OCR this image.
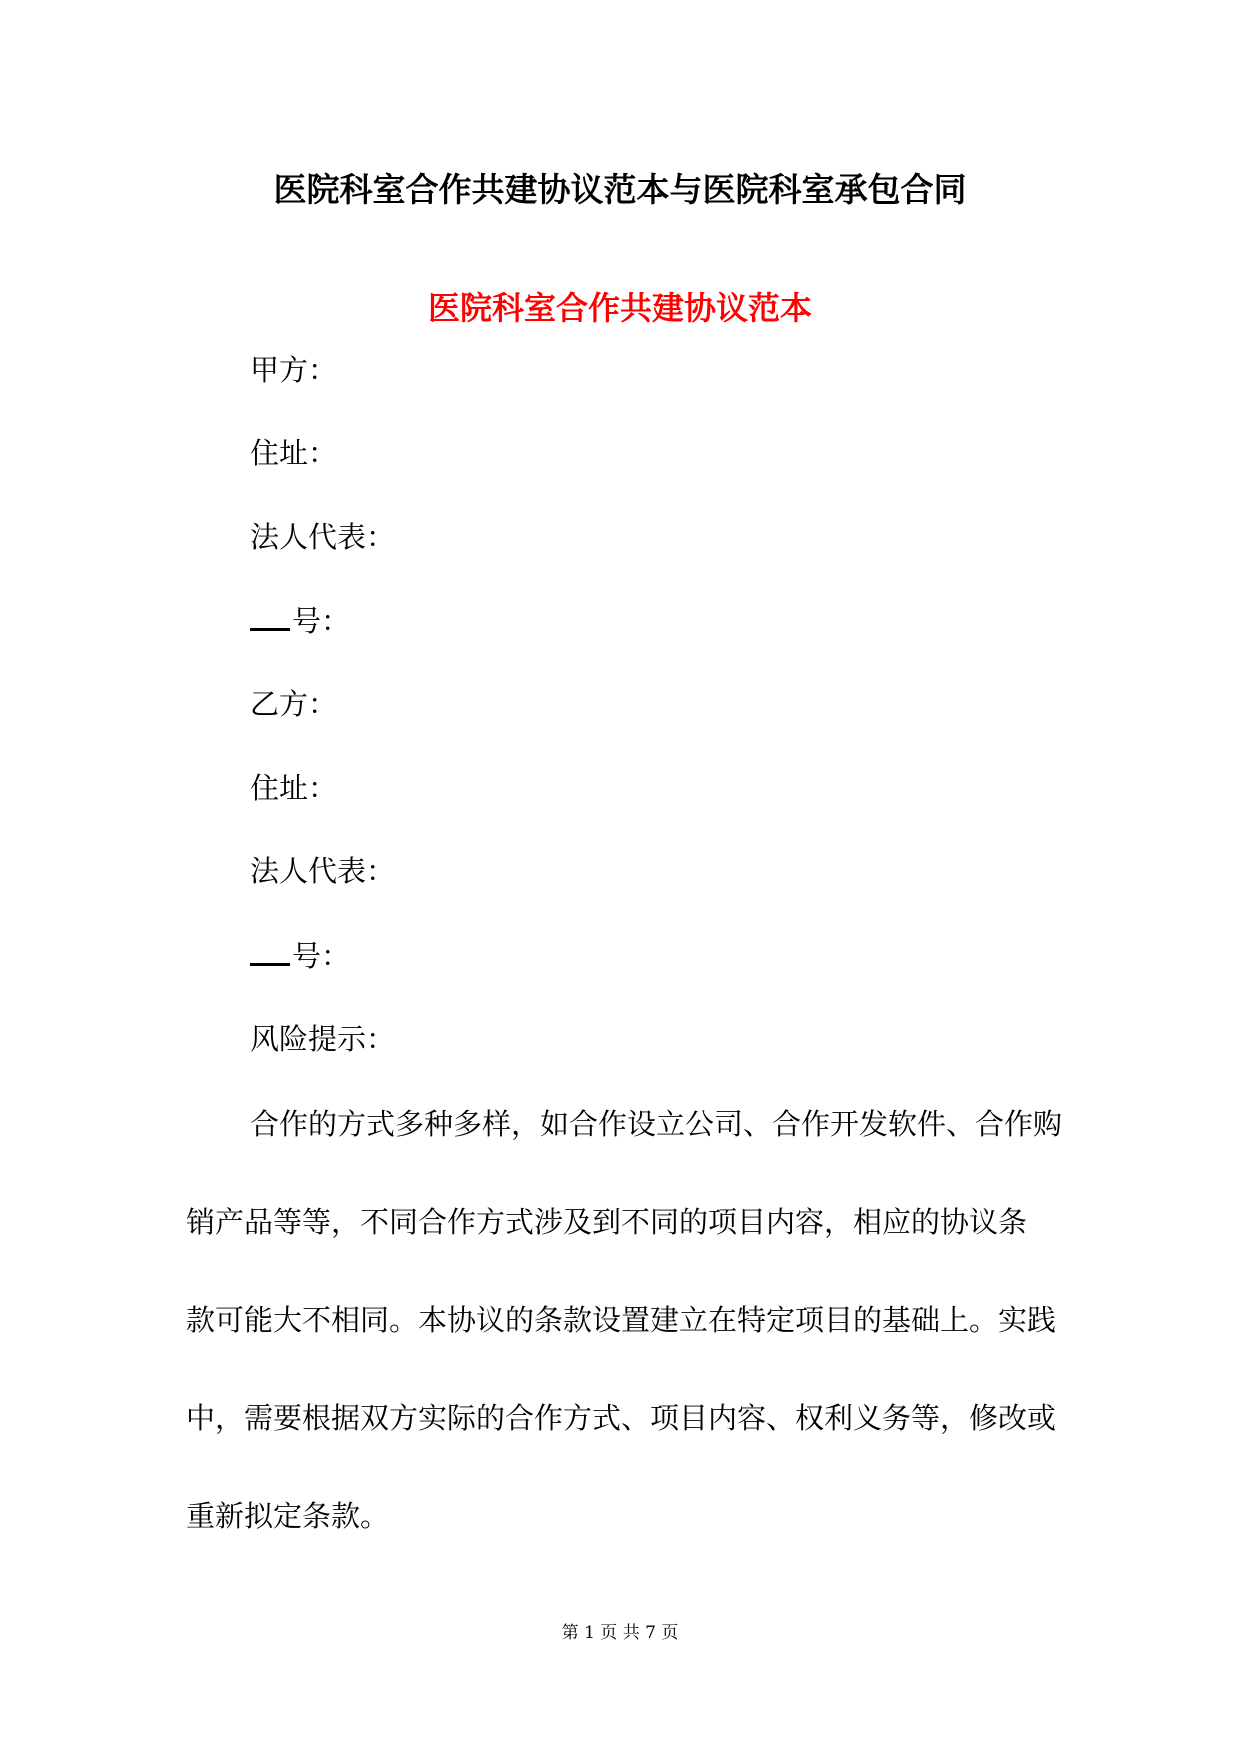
医院科室合作共建协议范本与医院科室承包合同
医院科室合作共建协议范本
甲方：
住址：
法人代表：
号：
乙方：
住址：
法人代表：
号：
风险提示：
合作的方式多种多样，如合作设立公司、合作开发软件、合作购
销产品等等，不同合作方式涉及到不同的项目内容，相应的协议条
款可能大不相同。本协议的条款设置建立在特定项目的基础上。实践
中，需要根据双方实际的合作方式、项目内容、权利义务等，修改或
重新拟定条款。
第 1 页 共 7 页
